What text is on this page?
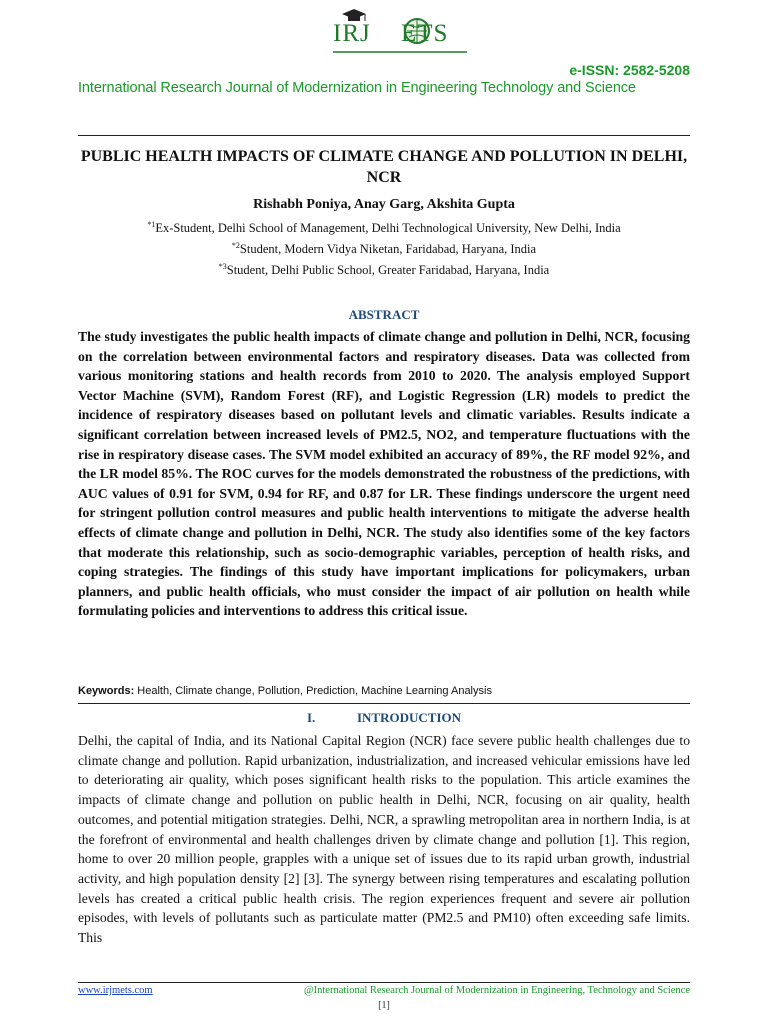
IRJ ETS
e-ISSN: 2582-5208
International Research Journal of Modernization in Engineering Technology and Science
PUBLIC HEALTH IMPACTS OF CLIMATE CHANGE AND POLLUTION IN DELHI, NCR
Rishabh Poniya, Anay Garg, Akshita Gupta
$^{*1}$Ex-Student, Delhi School of Management, Delhi Technological University, New Delhi, India
$^{*2}$Student, Modern Vidya Niketan, Faridabad, Haryana, India
$^{*3}$Student, Delhi Public School, Greater Faridabad, Haryana, India
ABSTRACT
The study investigates the public health impacts of climate change and pollution in Delhi, NCR, focusing on the correlation between environmental factors and respiratory diseases. Data was collected from various monitoring stations and health records from 2010 to 2020. The analysis employed Support Vector Machine (SVM), Random Forest (RF), and Logistic Regression (LR) models to predict the incidence of respiratory diseases based on pollutant levels and climatic variables. Results indicate a significant correlation between increased levels of PM2.5, NO2, and temperature fluctuations with the rise in respiratory disease cases. The SVM model exhibited an accuracy of 89%, the RF model 92%, and the LR model 85%. The ROC curves for the models demonstrated the robustness of the predictions, with AUC values of 0.91 for SVM, 0.94 for RF, and 0.87 for LR. These findings underscore the urgent need for stringent pollution control measures and public health interventions to mitigate the adverse health effects of climate change and pollution in Delhi, NCR. The study also identifies some of the key factors that moderate this relationship, such as socio-demographic variables, perception of health risks, and coping strategies. The findings of this study have important implications for policymakers, urban planners, and public health officials, who must consider the impact of air pollution on health while formulating policies and interventions to address this critical issue.
Keywords: Health, Climate change, Pollution, Prediction, Machine Learning Analysis
I.	INTRODUCTION
Delhi, the capital of India, and its National Capital Region (NCR) face severe public health challenges due to climate change and pollution. Rapid urbanization, industrialization, and increased vehicular emissions have led to deteriorating air quality, which poses significant health risks to the population. This article examines the impacts of climate change and pollution on public health in Delhi, NCR, focusing on air quality, health outcomes, and potential mitigation strategies. Delhi, NCR, a sprawling metropolitan area in northern India, is at the forefront of environmental and health challenges driven by climate change and pollution [1]. This region, home to over 20 million people, grapples with a unique set of issues due to its rapid urban growth, industrial activity, and high population density [2] [3]. The synergy between rising temperatures and escalating pollution levels has created a critical public health crisis. The region experiences frequent and severe air pollution episodes, with levels of pollutants such as particulate matter (PM2.5 and PM10) often exceeding safe limits. This
www.irjmets.com	@International Research Journal of Modernization in Engineering, Technology and Science
[1]
